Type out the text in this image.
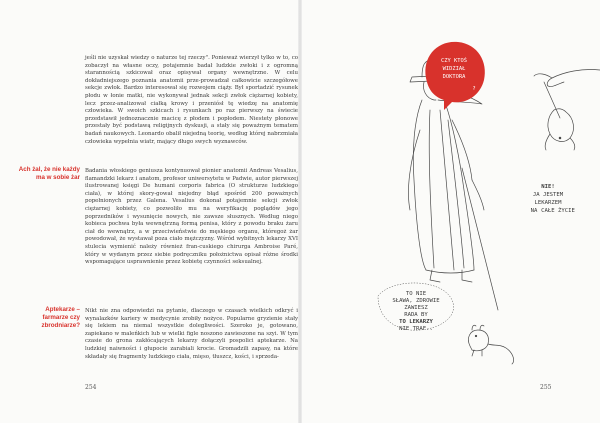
Ach żal, że nie każdy ma w sobie żar
Aptekarze – farmarze czy zbrodniarze?

jeśli nie uzyskał wiedzy o naturze tej rzeczy". Ponieważ wierzył tylko w to, co zobaczył na własne oczy, potajemnie badał ludzkie zwłoki i z ogromną starannością szkicował oraz opisywał organy wewnętrzne. W celu dokładniejszego poznania anatomii prze-prowadzał całkowicie szczegółowe sekcje zwłok. Bardzo interesował się rozwojem ciąży. Był sportadzić rysunek płodu w łonie matki, nie wykonywał jednak sekcji zwłok ciężarnej kobiety, lecz przez-analizował ciałką krowy i przeniósł tę wiedzę na anatomię człowieka. W swoich szkicach i rysunkach po raz pierwszy na świecie przedstawił jednoznacznie macicę z płodem i popłodem. Niestety płonowe przestały być podstawą religijnych dyskusji, a stały się poważnym tematem badań naukowych. Leonardo obalił niejedną teorię, według której nabrzmiała człowieka wypełnia wiatr, mający długo swych wyznawców.

Badania włoskiego geniusza kontynuował pionier anatomii Andreas Vesalius, flamandzki lekarz i anatom, profesor uniwersytetu w Padwie, autor pierwszej ilustrowanej księgi De humani corporis fabrica (O strukturze ludzkiego ciała), w której skory-gował niejedny błąd spośród 200 poważnych popełnionych przez Galena. Vesalius dokonał potajemnie sekcji zwłok ciężarnej kobiety, co pozwoliło mu na weryfikację poglądów jego poprzedników i wysunięcie nowych, nie zawsze słusznych. Według niego kobieca pochwa była wewnętrzną formą penisa, który z powodu braku żaru ciał do wewnątrz, a w przeciwieństwie do męskiego organu, któregoż żar powodował, że wystawał poza ciało mężczyzny. Wśród wybitnych lekarzy XVI stulecia wymienić należy również fran-cuskiego chirurga Ambroise Paré, który w wydanym przez siebie podręczniku położnictwa opisał różne środki wspomagające usprawnienie przez kobietę czynności seksualnej.

Nikt nie zna odpowiedzi na pytanie, dlaczego w czasach wielkich odkryć i wynalazków kariery w medycynie zrobiły nożyce. Popularne gryzienie stały się lekiem na niemal wszystkie dolegliwości. Szeroko je, gotowano, zapiekano w maleńkich lub w wielki figle noszono zawieszone na szyi. W tym czasie do grona zakłócających lekarzy dołączyli pospolici aptekarze. Na ludzkiej naiwności i głupocie zarabiali krocie. Gromadzili zapasy, na które składały się fragmenty ludzkiego ciała, mięso, tłuszcz, kości, i sprzeda-

254
CZY KTOŚ
WIDZIAŁ
DOKTORA
?
NIE!
JA JESTEM
LEKARZEM
NA CAŁE ŻYCIE
TO NIE
SŁAWA, ZDROWIE
ZAWIESZ
RADA BY
TO LEKARZY
NIE TRAF..
255
